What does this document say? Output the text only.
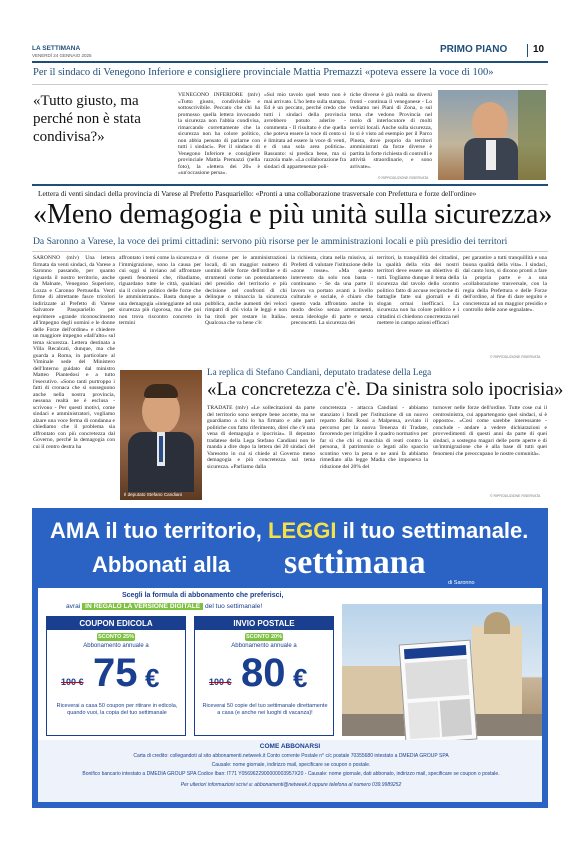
LA SETTIMANA
VENERDÌ 24 GENNAIO 2025
PRIMO PIANO	10
Per il sindaco di Venegono Inferiore e consigliere provinciale Mattia Premazzi «poteva essere la voce di 100»
«Tutto giusto, ma perché non è stata condivisa?»
VENEGONO INFERIORE (mlv) «Tutto giusto, condivisibile e sottoscrivibile. Peccato che chi ha promosso quella lettera invocando la sicurezza non l'abbia condivisa, rimarcando correttamente che la sicurezza non ha colore politico, non abbia pensato di parlarne con tutti i sindaci». Per il sindaco di Venegono Inferiore e consigliere provinciale Mattia Premazzi (nella foto), la «lettera dei 20» è «un'occasione persa».
«Sul mio tavolo quel testo non è mai arrivato. L'ho letto sulla stampa. Ed è un peccato, perché credo che tutti i sindaci della provincia avrebbero potuto aderire - commenta - Il risultato è che quella che poteva essere la voce di cento si è limitata ad essere la voce di venti, e di una sola area politica». Rassunto: si predica bene, ma si razzola male. «La collaborazione fra sindaci di appartenenze poli-
tiche diverse è già realtà su diversi fronti - continua il venegonese - Lo vediamo nei Piani di Zona, o sul tema che vedono Provincia nel ruolo di interlocutore di molti servizi locali. Anche sulla sicurezza, lo si è visto ad esempio per il Parco Pineta, dove proprio da territori amministrati da forze diverse è partita la forte richiesta di controlli e attività straordinarie, e sono arrivate».
© RIPRODUZIONE RISERVATA
Lettera di venti sindaci della provincia di Varese al Prefetto Pasquariello: «Pronti a una collaborazione trasversale con Prefettura e forze dell'ordine»
«Meno demagogia e più unità sulla sicurezza»
Da Saronno a Varese, la voce dei primi cittadini: servono più risorse per le amministrazioni locali e più presidio dei territori
SARONNO (mlv) Una lettera firmata da venti sindaci, da Varese a Saronno passando, per quanto riguarda il nostro territorio, anche da Malnate, Venegono Superiore, Lozza e Caronno Pertusella. Venti firme di altrettante fasce tricolori indirizzate al Prefetto di Varese Salvatore Pasquariello per esprimere «grande riconoscimento all'impegno degli uomini e le donne delle Forze dell'ordine» e chiedere un maggiore impegno «dall'alto» sul tema sicurezza. Lettera destinata a Villa Recalcati, dunque, ma che guarda a Roma, in particolare al Viminale sede del Ministero dell'Interno guidato dal ministro Matteo Piantedosi e a tutto l'esecutivo. «Sono tanti purtroppo i fatti di cronaca che si susseguono anche nella nostra provincia, nessuna realtà ne è esclusa - scrivono - Per questi motivi, come sindaci e amministratori, vogliamo alzare una voce ferma di condanna e chiediamo che il problema sia affrontato con più concretezza dal Governo, perché la demagogia con cui il centro destra ha
affrontato i temi come la sicurezza e l'immigrazione, sono la causa per cui oggi si inviano ad affrontare questi fenomeni che, ribadiamo, riguardano tutte le città, qualsiasi sia il colore politico delle forze che le amministrano». Basta dunque a una demagogia «inneggiante ad una sicurezza più rigorosa, ma che poi non trova riscontro concreto in termini
di risorse per le amministrazioni locali, di un maggior numero di uomini delle forze dell'ordine e di strumenti come un potenziamento del presidio del territorio e più decisione nel confronti di chi delinque o minaccia la sicurezza pubblica, anche aumenti dei veloci rimpatri di chi viola le leggi e non ha titoli per restare in Italia». Qualcosa che va bene c'è:
la richiesta, citata nella missiva, ai Prefetti di valutare l'istituzione delle «zone rosse». «Ma questo intervento da solo non basta - continuano - Se da una parte il lavoro va portato avanti a livello culturale e sociale, è chiaro che questo vada affrontato anche in modo deciso senza arretramenti, senza ideologie di parte e senza preconcetti. La sicurezza dei
territori, la tranquillità dei cittadini, la qualità della vita dei nostri territori deve essere un obiettivo di tutti. Togliamo dunque il tema della sicurezza dal tavolo dello scontro politico fatto di accuse reciproche di battaglie fatte sui giornali e di slogan ormai inefficaci. La sicurezza non ha colore politico e i cittadini ci chiedono concretezza nel mettere in campo azioni efficaci
per garantire a tutti tranquillità e una buona qualità della vita». I sindaci, dal canto loro, si dicono pronti a fare la propria parte e a una «collaborazione trasversale, con la regia della Prefettura e delle Forze dell'ordine, al fine di dare seguito e concretezza ad un maggior presidio e controllo delle zone segnalate».
© RIPRODUZIONE RISERVATA
La replica di Stefano Candiani, deputato tradatese della Lega
«La concretezza c'è. Da sinistra solo ipocrisia»
Il deputato Stefano Candiani
TRADATE (mlv) «Le sollecitazioni da parte del territorio sono sempre bene accette, ma se guardiamo a chi lo ha firmato e alle parti politiche con fatto riferimento, direi che c'è una vena di demagogia e ipocrisia». Il deputato tradatese della Lega Stefano Candiani non le manda a dire dopo la lettera dei 20 sindaci del Varesotto in cui si chiede al Governo meno demagogia e più concretezza sul tema sicurezza. «Parliamo dalla
concretezza - attacca Candiani - abbiamo stanziato i fondi per l'istituzione di un nuovo reparto Rafisi Rossi a Malpensa, avviato il percorso per la nuova Tenenza di Tradate, favorendo per irrigidire il quadro normativo per far sì che chi si macchia di reati contro la persona, il patrimonio o legati allo spaccio scontino vero la pena e ne anni fa abbiamo rimediato alla legge Madia che imponeva la riduzione del 20% del
turnover nelle forze dell'ordine. Tutte cose cui il centrosinistra, cui appartengono quei sindaci, si è opposto». «Così come sarebbe interessante - conclude - andare a vedere dichiarazioni e provvedimenti di questi anni da parte di quei sindaci, a sostegno magari delle porte aperte e di un'immigrazione che è alla base di tutti quei fenomeni che preoccupano le nostre comunità».
© RIPRODUZIONE RISERVATA
AMA il tuo territorio, LEGGI il tuo settimanale.
Abbonati alla	settimana
di Saronno
Scegli la formula di abbonamento che preferisci,
avrai IN REGALO LA VERSIONE DIGITALE del tuo settimanale!
COUPON EDICOLA
SCONTO 25%
Abbonamento annuale a
100 € 75 €
Riceverai a casa 50 coupon per ritirare in edicola, quando vuoi, la copia del tuo settimanale
INVIO POSTALE
SCONTO 20%
Abbonamento annuale a
100 € 80 €
Riceverai 50 copie del tuo settimanale direttamente a casa (e anche nei luoghi di vacanza)!
COME ABBONARSI
Carta di credito: collegandoti al sito abbonamenti.netweek.it Conto corrente Postale n° c/c postale 70355680 intestato a DMEDIA GROUP SPA
Causale: nome giornale, indirizzo mail, specificare se coupon o postale.
Bonifico bancario intestato a DMEDIA GROUP SPA Codice Iban: IT71 Y0569622900000003957X20 - Causale: nome giornale, dati abbonato, indirizzo mail, specificare se coupon o postale.
Per ulteriori informazioni scrivi a: abbonamenti@netweek.it oppure telefona al numero 039.9989252
